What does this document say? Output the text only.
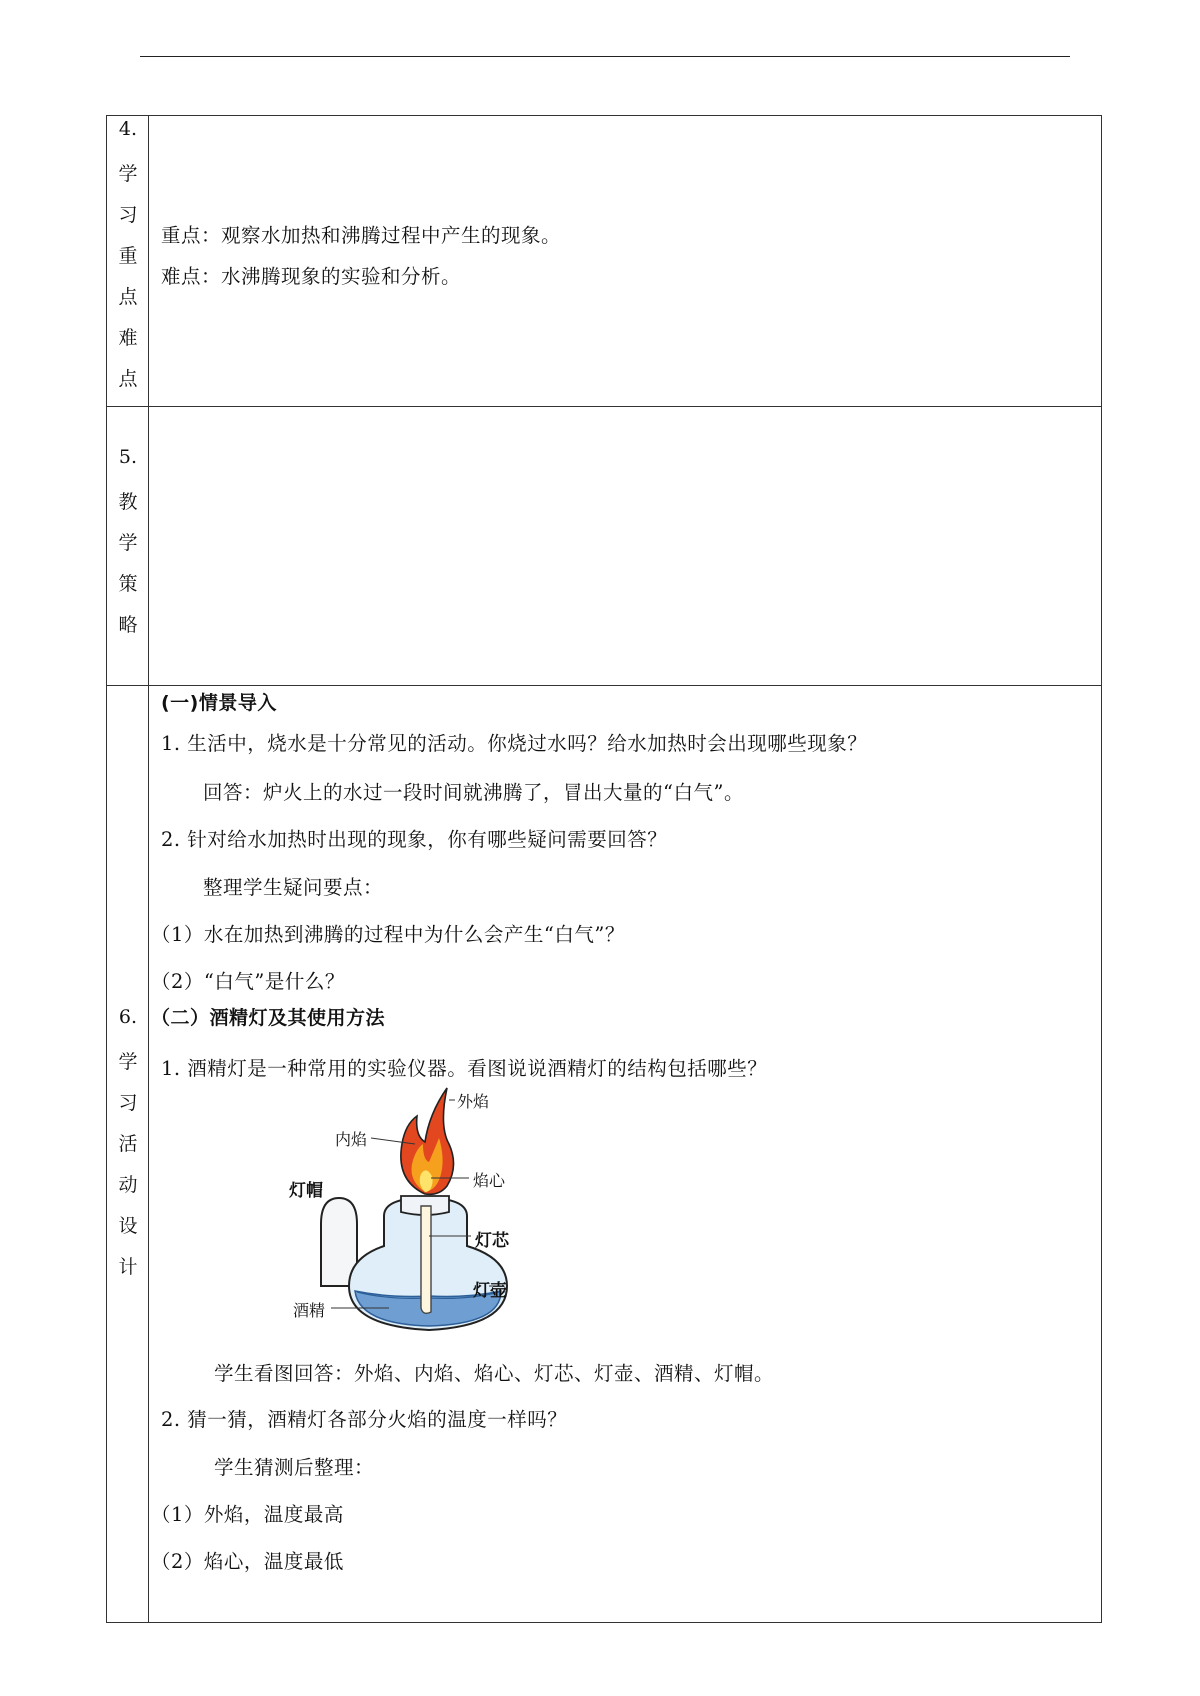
4.
学
习
重
点
难
点
重点：观察水加热和沸腾过程中产生的现象。
难点：水沸腾现象的实验和分析。
5.
教
学
策
略
6.
学
习
活
动
设
计
(一)情景导入
1. 生活中，烧水是十分常见的活动。你烧过水吗？给水加热时会出现哪些现象？
回答：炉火上的水过一段时间就沸腾了，冒出大量的“白气”。
2. 针对给水加热时出现的现象，你有哪些疑问需要回答？
整理学生疑问要点：
（1）水在加热到沸腾的过程中为什么会产生“白气”？
（2）“白气”是什么？
（二）酒精灯及其使用方法
1. 酒精灯是一种常用的实验仪器。看图说说酒精灯的结构包括哪些？
外焰
内焰
焰心
灯帽
灯芯
灯壶
酒精
学生看图回答：外焰、内焰、焰心、灯芯、灯壶、酒精、灯帽。
2. 猜一猜，酒精灯各部分火焰的温度一样吗？
学生猜测后整理：
（1）外焰，温度最高
（2）焰心，温度最低
